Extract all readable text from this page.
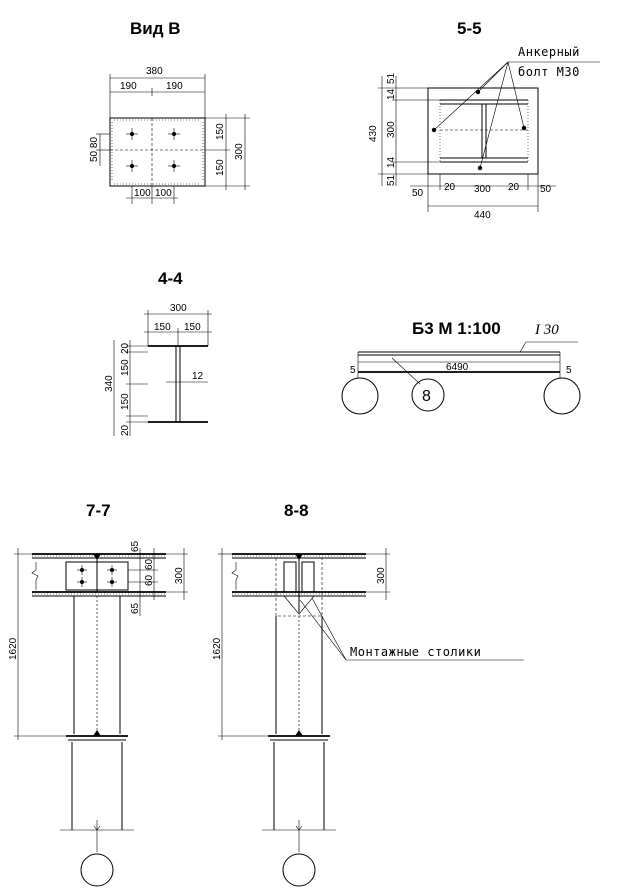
Вид В
380
190	190
150
150
300
50 80
100 100
5-5
Анкерный
болт М30
51
14
300
14
51
430
50
20 300 20 50
440
4-4
300
150 150
20
150
340
150
20
12
Б3 М 1:100 I 30
6490
5	5
8
7-7
1620
65
60
60 300
65
8-8
Монтажные столики
1620
300
